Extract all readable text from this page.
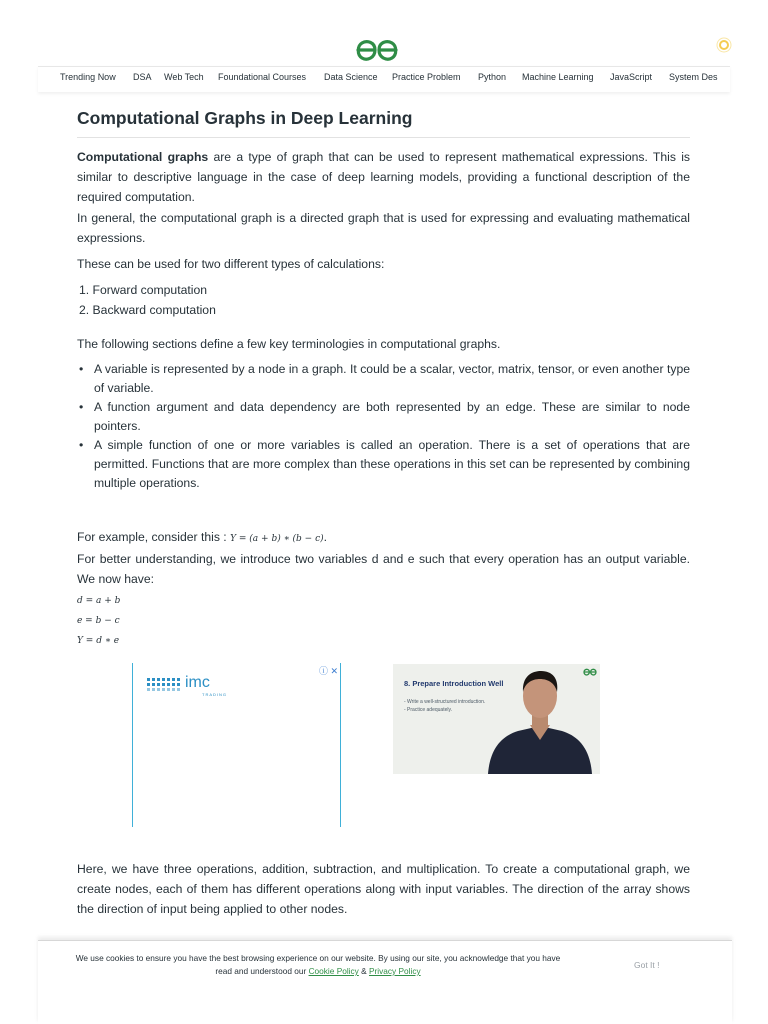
Trending Now DSA Web Tech Foundational Courses Data Science Practice Problem Python Machine Learning JavaScript System Des
Computational Graphs in Deep Learning

Computational graphs are a type of graph that can be used to represent mathematical expressions. This is similar to descriptive language in the case of deep learning models, providing a functional description of the required computation.

In general, the computational graph is a directed graph that is used for expressing and evaluating mathematical expressions.

These can be used for two different types of calculations:

1. Forward computation
2. Backward computation

The following sections define a few key terminologies in computational graphs.

• A variable is represented by a node in a graph. It could be a scalar, vector, matrix, tensor, or even another type of variable.
• A function argument and data dependency are both represented by an edge. These are similar to node pointers.
• A simple function of one or more variables is called an operation. There is a set of operations that are permitted. Functions that are more complex than these operations in this set can be represented by combining multiple operations.

For example, consider this : Y = (a + b) ∗ (b − c).

For better understanding, we introduce two variables d and e such that every operation has an output variable. We now have:

d = a + b
e = b − c
Y = d ∗ e
ⓘ ✕
imc
TRADING
8. Prepare Introduction Well
- Write a well-structured introduction.
- Practice adequately.

Here, we have three operations, addition, subtraction, and multiplication. To create a computational graph, we create nodes, each of them has different operations along with input variables. The direction of the array shows the direction of input being applied to other nodes.

We use cookies to ensure you have the best browsing experience on our website. By using our site, you acknowledge that you have
read and understood our Cookie Policy & Privacy Policy
Got It !
